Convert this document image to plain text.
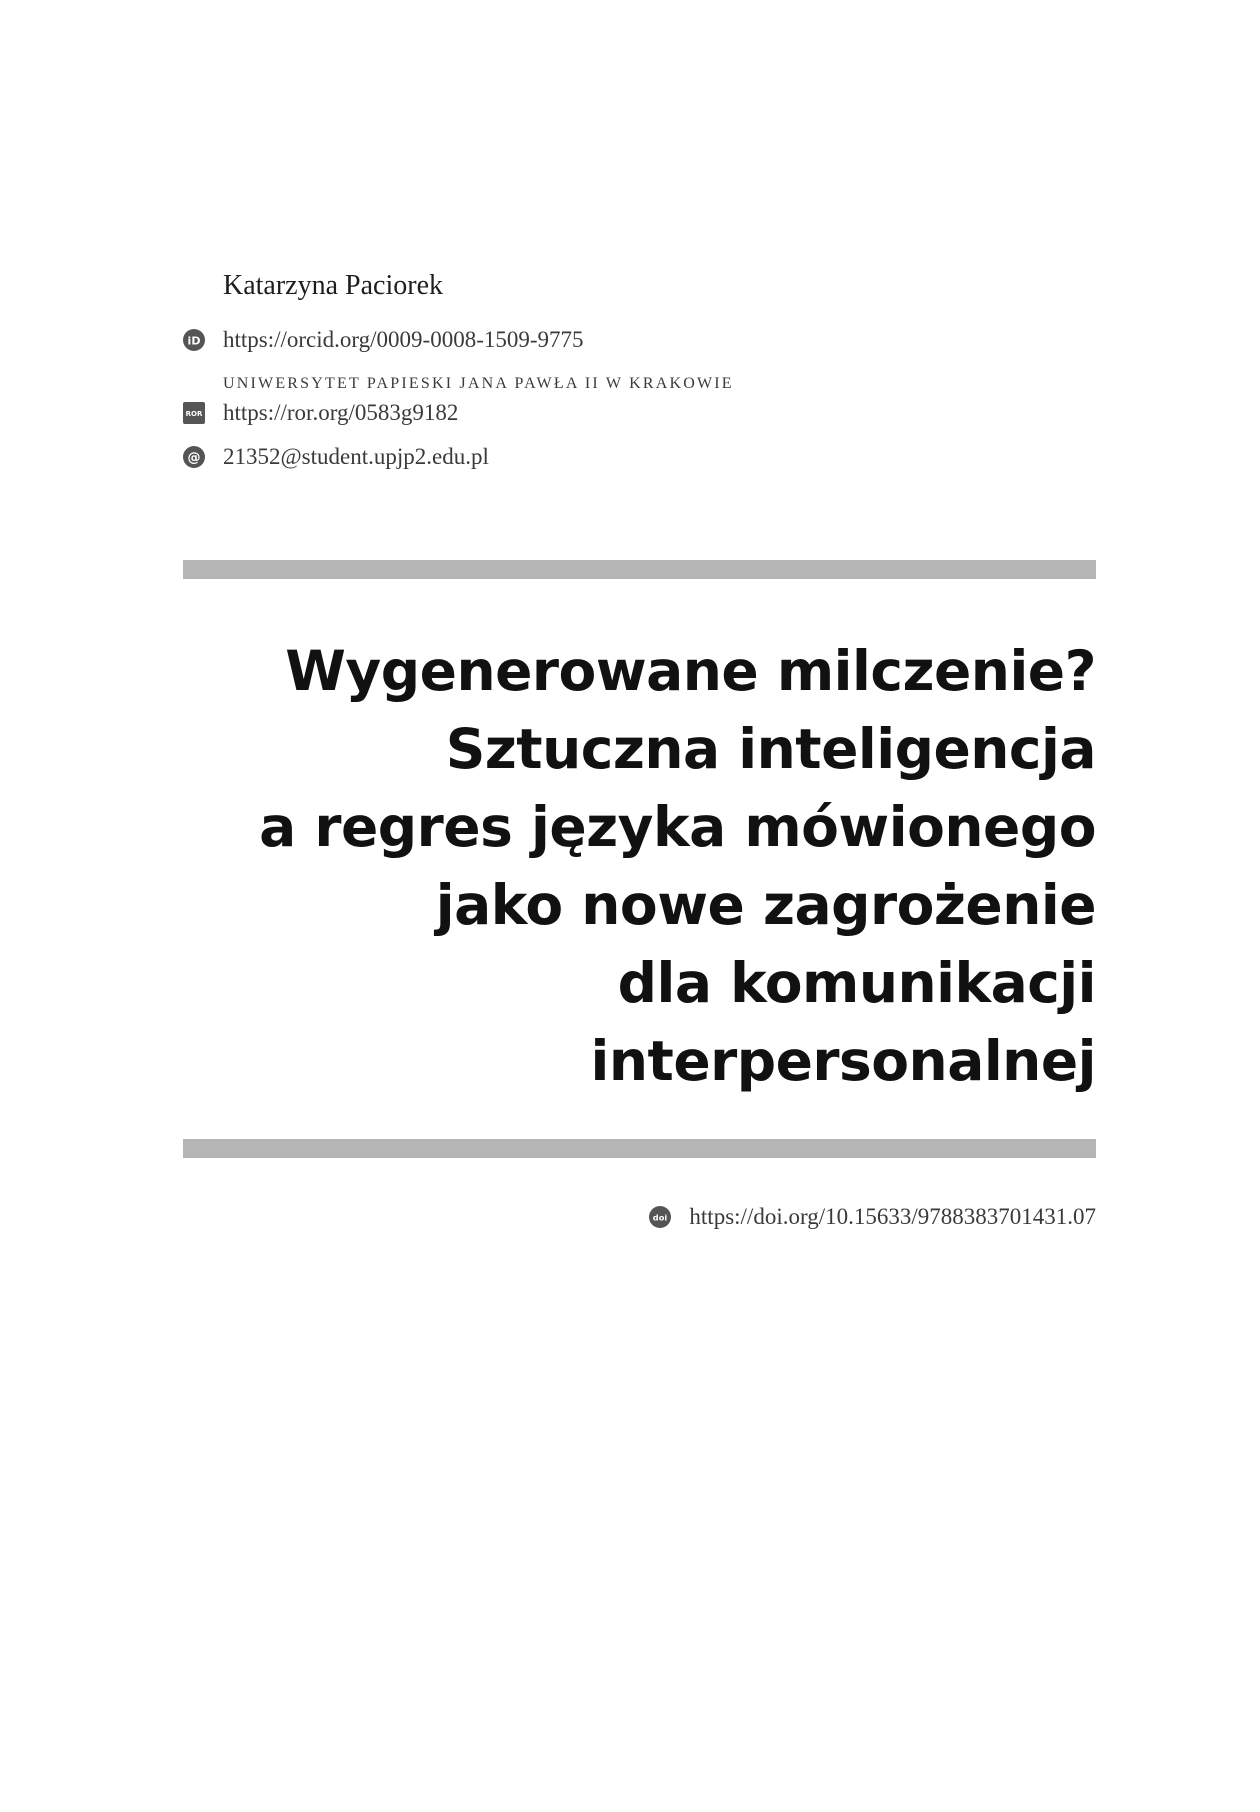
Katarzyna Paciorek
iD https://orcid.org/0009-0008-1509-9775
UNIWERSYTET PAPIESKI JANA PAWŁA II W KRAKOWIE
ROR https://ror.org/0583g9182
@ 21352@student.upjp2.edu.pl
Wygenerowane milczenie?
Sztuczna inteligencja
a regres języka mówionego
jako nowe zagrożenie
dla komunikacji
interpersonalnej
doi https://doi.org/10.15633/9788383701431.07
